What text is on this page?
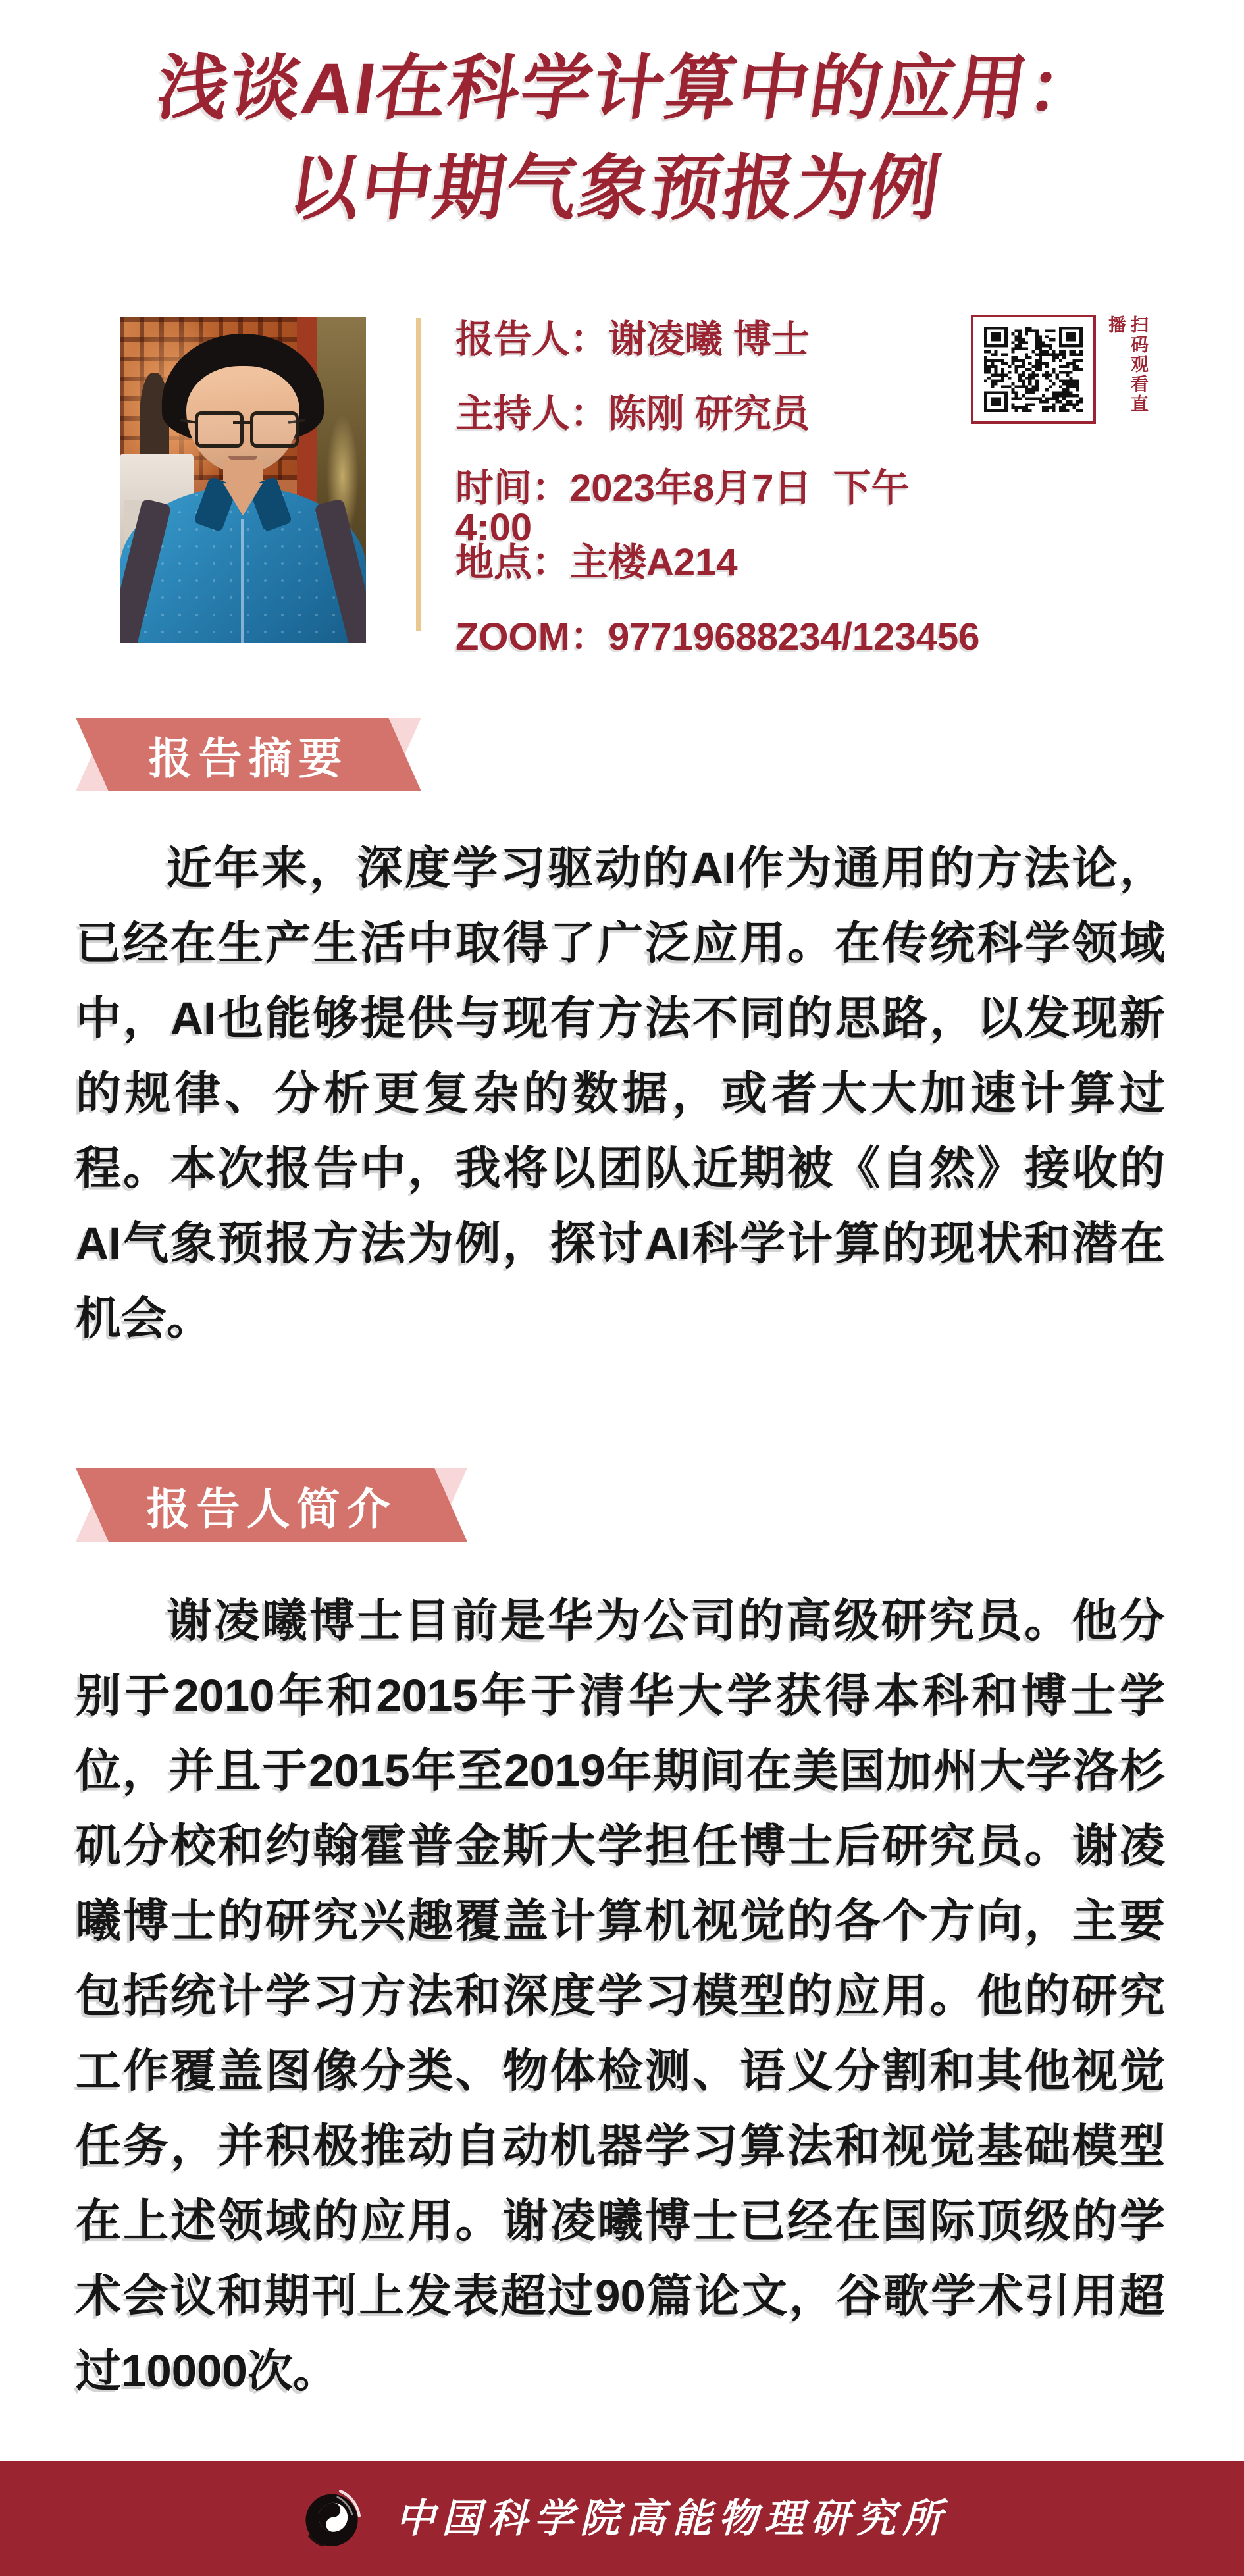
浅谈AI在科学计算中的应用：
以中期气象预报为例
报告人：谢凌曦 博士
主持人：陈刚 研究员
时间：2023年8月7日  下午4:00
地点：主楼A214
ZOOM：97719688234/123456
扫码观看直播
报告摘要

近年来，深度学习驱动的AI作为通用的方法论，已经在生产生活中取得了广泛应用。在传统科学领域中，AI也能够提供与现有方法不同的思路，以发现新的规律、分析更复杂的数据，或者大大加速计算过程。本次报告中，我将以团队近期被《自然》接收的AI气象预报方法为例，探讨AI科学计算的现状和潜在机会。

报告人简介

谢凌曦博士目前是华为公司的高级研究员。他分别于2010年和2015年于清华大学获得本科和博士学位，并且于2015年至2019年期间在美国加州大学洛杉矶分校和约翰霍普金斯大学担任博士后研究员。谢凌曦博士的研究兴趣覆盖计算机视觉的各个方向，主要包括统计学习方法和深度学习模型的应用。他的研究工作覆盖图像分类、物体检测、语义分割和其他视觉任务，并积极推动自动机器学习算法和视觉基础模型在上述领域的应用。谢凌曦博士已经在国际顶级的学术会议和期刊上发表超过90篇论文，谷歌学术引用超过10000次。

中国科学院高能物理研究所
